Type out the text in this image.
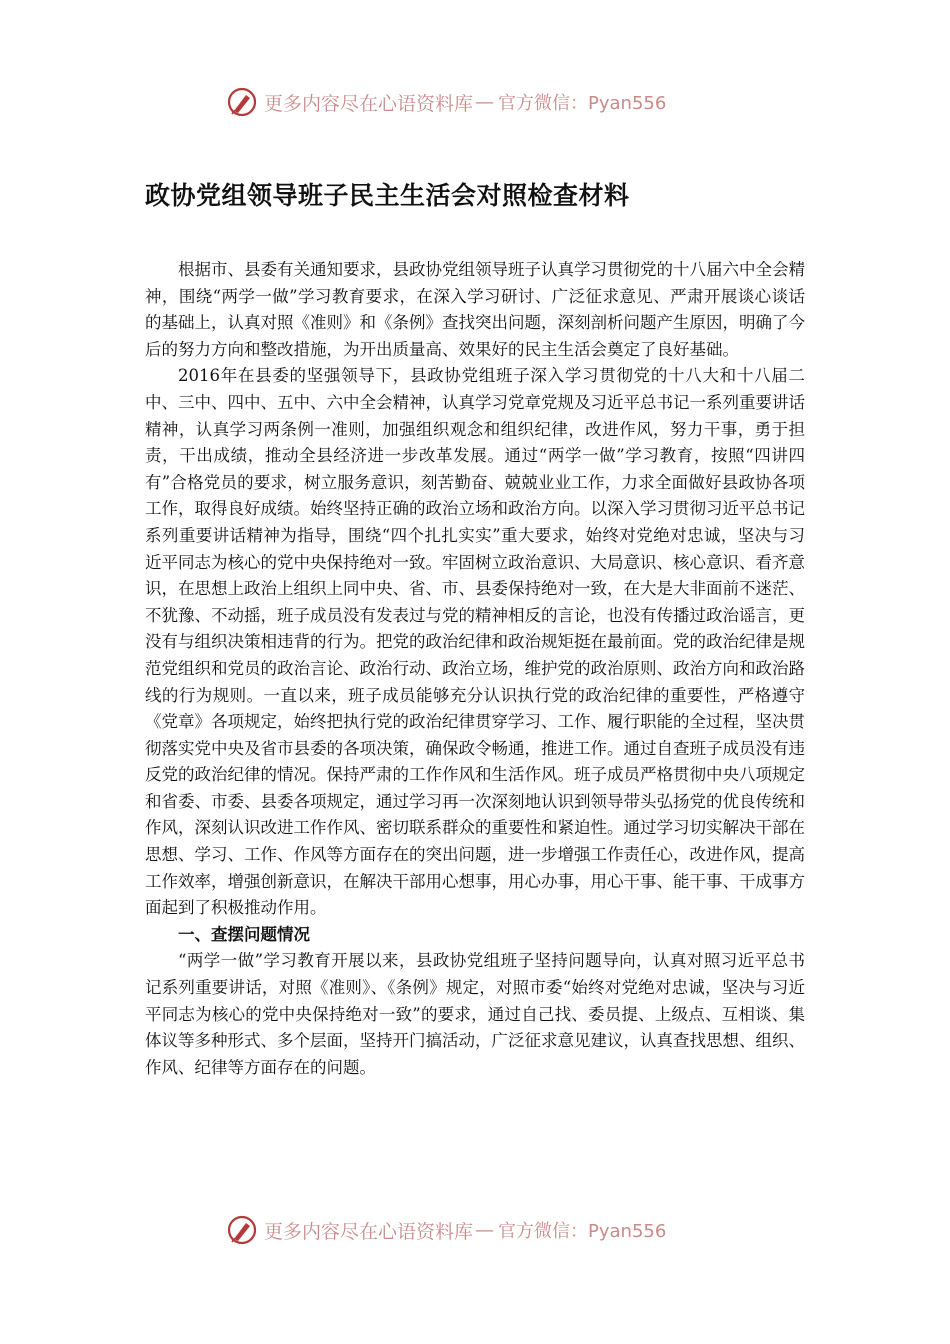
更多内容尽在心语资料库 — 官方微信：Pyan556
政协党组领导班子民主生活会对照检查材料

根据市、县委有关通知要求，县政协党组领导班子认真学习贯彻党的十八届六中全会精神，围绕“两学一做”学习教育要求，在深入学习研讨、广泛征求意见、严肃开展谈心谈话的基础上，认真对照《准则》和《条例》查找突出问题，深刻剖析问题产生原因，明确了今后的努力方向和整改措施，为开出质量高、效果好的民主生活会奠定了良好基础。

2016年在县委的坚强领导下，县政协党组班子深入学习贯彻党的十八大和十八届二中、三中、四中、五中、六中全会精神，认真学习党章党规及习近平总书记一系列重要讲话精神，认真学习两条例一准则，加强组织观念和组织纪律，改进作风，努力干事，勇于担责，干出成绩，推动全县经济进一步改革发展。通过“两学一做”学习教育，按照“四讲四有”合格党员的要求，树立服务意识，刻苦勤奋、兢兢业业工作，力求全面做好县政协各项工作，取得良好成绩。始终坚持正确的政治立场和政治方向。以深入学习贯彻习近平总书记系列重要讲话精神为指导，围绕“四个扎扎实实”重大要求，始终对党绝对忠诚，坚决与习近平同志为核心的党中央保持绝对一致。牢固树立政治意识、大局意识、核心意识、看齐意识，在思想上政治上组织上同中央、省、市、县委保持绝对一致，在大是大非面前不迷茫、不犹豫、不动摇，班子成员没有发表过与党的精神相反的言论，也没有传播过政治谣言，更没有与组织决策相违背的行为。把党的政治纪律和政治规矩挺在最前面。党的政治纪律是规范党组织和党员的政治言论、政治行动、政治立场，维护党的政治原则、政治方向和政治路线的行为规则。一直以来，班子成员能够充分认识执行党的政治纪律的重要性，严格遵守《党章》各项规定，始终把执行党的政治纪律贯穿学习、工作、履行职能的全过程，坚决贯彻落实党中央及省市县委的各项决策，确保政令畅通，推进工作。通过自查班子成员没有违反党的政治纪律的情况。保持严肃的工作作风和生活作风。班子成员严格贯彻中央八项规定和省委、市委、县委各项规定，通过学习再一次深刻地认识到领导带头弘扬党的优良传统和作风，深刻认识改进工作作风、密切联系群众的重要性和紧迫性。通过学习切实解决干部在思想、学习、工作、作风等方面存在的突出问题，进一步增强工作责任心，改进作风，提高工作效率，增强创新意识，在解决干部用心想事，用心办事，用心干事、能干事、干成事方面起到了积极推动作用。

一、查摆问题情况

“两学一做”学习教育开展以来，县政协党组班子坚持问题导向，认真对照习近平总书记系列重要讲话，对照《准则》、《条例》规定，对照市委“始终对党绝对忠诚，坚决与习近平同志为核心的党中央保持绝对一致”的要求，通过自己找、委员提、上级点、互相谈、集体议等多种形式、多个层面，坚持开门搞活动，广泛征求意见建议，认真查找思想、组织、作风、纪律等方面存在的问题。

更多内容尽在心语资料库 — 官方微信：Pyan556
